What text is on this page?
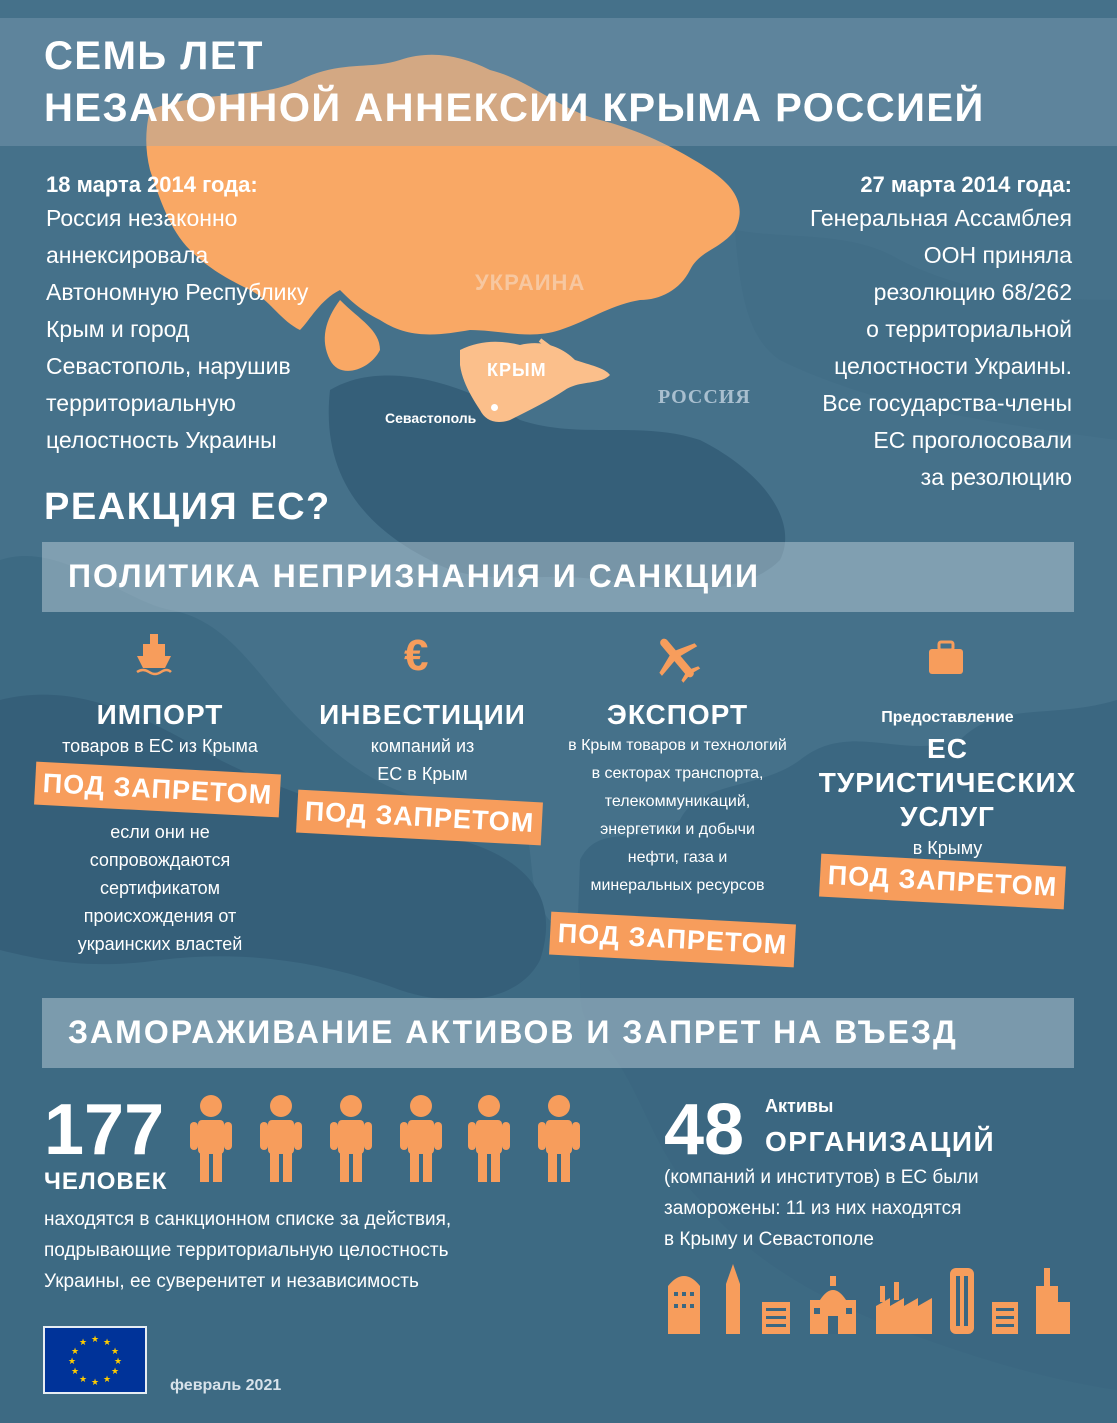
СЕМЬ ЛЕТ
НЕЗАКОННОЙ АННЕКСИИ КРЫМА РОССИЕЙ
18 марта 2014 года:
Россия незаконно
аннексировала
Автономную Республику
Крым и город
Севастополь, нарушив
территориальную
целостность Украины
27 марта 2014 года:
Генеральная Ассамблея
ООН приняла
резолюцию 68/262
о территориальной
целостности Украины.
Все государства-члены
ЕС проголосовали
за резолюцию
УКРАИНА
КРЫМ
РОССИЯ
Севастополь
РЕАКЦИЯ ЕС?
ПОЛИТИКА НЕПРИЗНАНИЯ И САНКЦИИ
€
ИМПОРТ
товаров в ЕС из Крыма
ПОД ЗАПРЕТОМ
если они не
сопровождаются
сертификатом
происхождения от
украинских властей
ИНВЕСТИЦИИ
компаний из
ЕС в Крым
ПОД ЗАПРЕТОМ
ЭКСПОРТ
в Крым товаров и технологий
в секторах транспорта,
телекоммуникаций,
энергетики и добычи
нефти, газа и
минеральных ресурсов
ПОД ЗАПРЕТОМ
Предоставление
ЕС
ТУРИСТИЧЕСКИХ
УСЛУГ
в Крыму
ПОД ЗАПРЕТОМ
ЗАМОРАЖИВАНИЕ АКТИВОВ И ЗАПРЕТ НА ВЪЕЗД
177
ЧЕЛОВЕК
находятся в санкционном списке за действия,
подрывающие территориальную целостность
Украины, ее суверенитет и независимость
48 Активы
ОРГАНИЗАЦИЙ
(компаний и институтов) в ЕС были
заморожены: 11 из них находятся
в Крыму и Севастополе
★ ★
★
★
★
★
★
★
★
★
★
★
февраль 2021
